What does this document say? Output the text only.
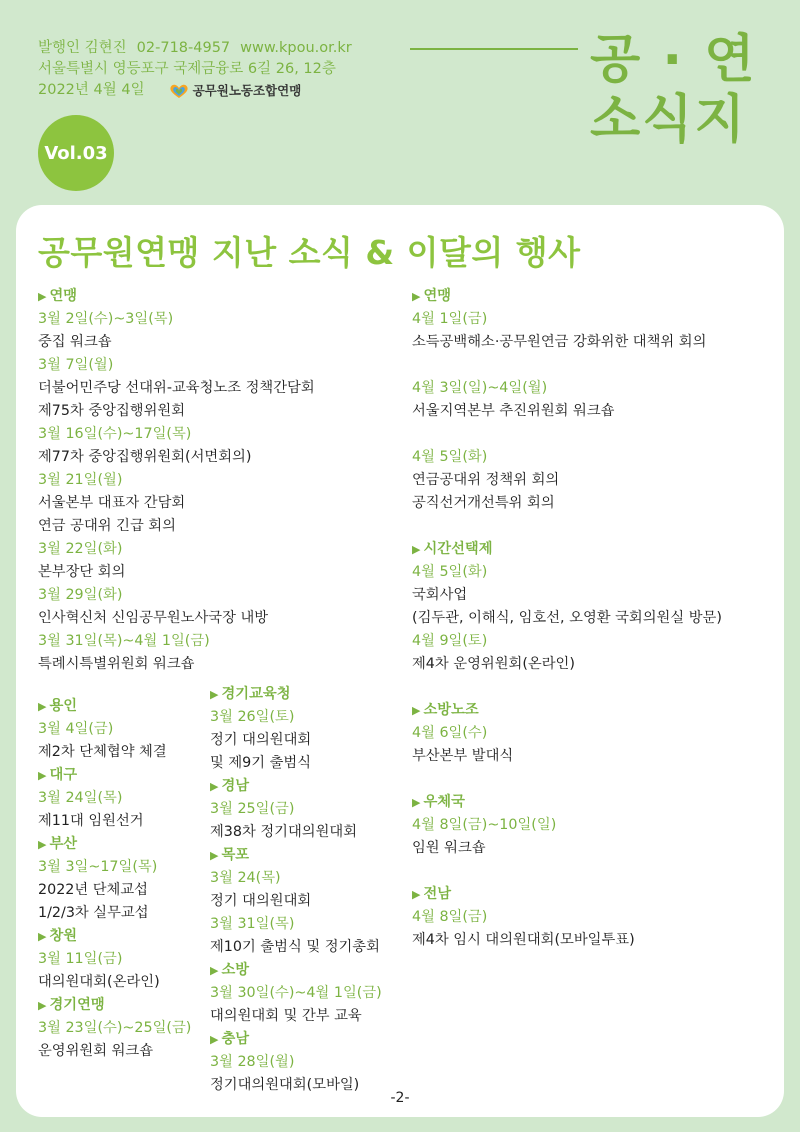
발행인 김현진 02-718-4957 www.kpou.or.kr
서울특별시 영등포구 국제금융로 6길 26, 12층
2022년 4월 4일	공무원노동조합연맹
공 · 연
소식지
Vol.03
공무원연맹 지난 소식 & 이달의 행사
▶ 연맹
3월 2일(수)~3일(목)
중집 워크숍
3월 7일(월)
더불어민주당 선대위-교육청노조 정책간담회
제75차 중앙집행위원회
3월 16일(수)~17일(목)
제77차 중앙집행위원회(서면회의)
3월 21일(월)
서울본부 대표자 간담회
연금 공대위 긴급 회의
3월 22일(화)
본부장단 회의
3월 29일(화)
인사혁신처 신임공무원노사국장 내방
3월 31일(목)~4월 1일(금)
특례시특별위원회 워크숍
▶ 용인
3월 4일(금)
제2차 단체협약 체결
▶ 대구
3월 24일(목)
제11대 임원선거
▶ 부산
3월 3일~17일(목)
2022년 단체교섭
1/2/3차 실무교섭
▶ 창원
3월 11일(금)
대의원대회(온라인)
▶ 경기연맹
3월 23일(수)~25일(금)
운영위원회 워크숍
▶ 경기교육청
3월 26일(토)
정기 대의원대회
및 제9기 출범식
▶ 경남
3월 25일(금)
제38차 정기대의원대회
▶ 목포
3월 24(목)
정기 대의원대회
3월 31일(목)
제10기 출범식 및 정기총회
▶ 소방
3월 30일(수)~4월 1일(금)
대의원대회 및 간부 교육
▶ 충남
3월 28일(월)
정기대의원대회(모바일)
▶ 연맹
4월 1일(금)
소득공백해소·공무원연금 강화위한 대책위 회의
4월 3일(일)~4일(월)
서울지역본부 추진위원회 워크숍
4월 5일(화)
연금공대위 정책위 회의
공직선거개선특위 회의
▶ 시간선택제
4월 5일(화)
국회사업
(김두관, 이해식, 임호선, 오영환 국회의원실 방문)
4월 9일(토)
제4차 운영위원회(온라인)
▶ 소방노조
4월 6일(수)
부산본부 발대식
▶ 우체국
4월 8일(금)~10일(일)
임원 워크숍
▶ 전남
4월 8일(금)
제4차 임시 대의원대회(모바일투표)
-2-
